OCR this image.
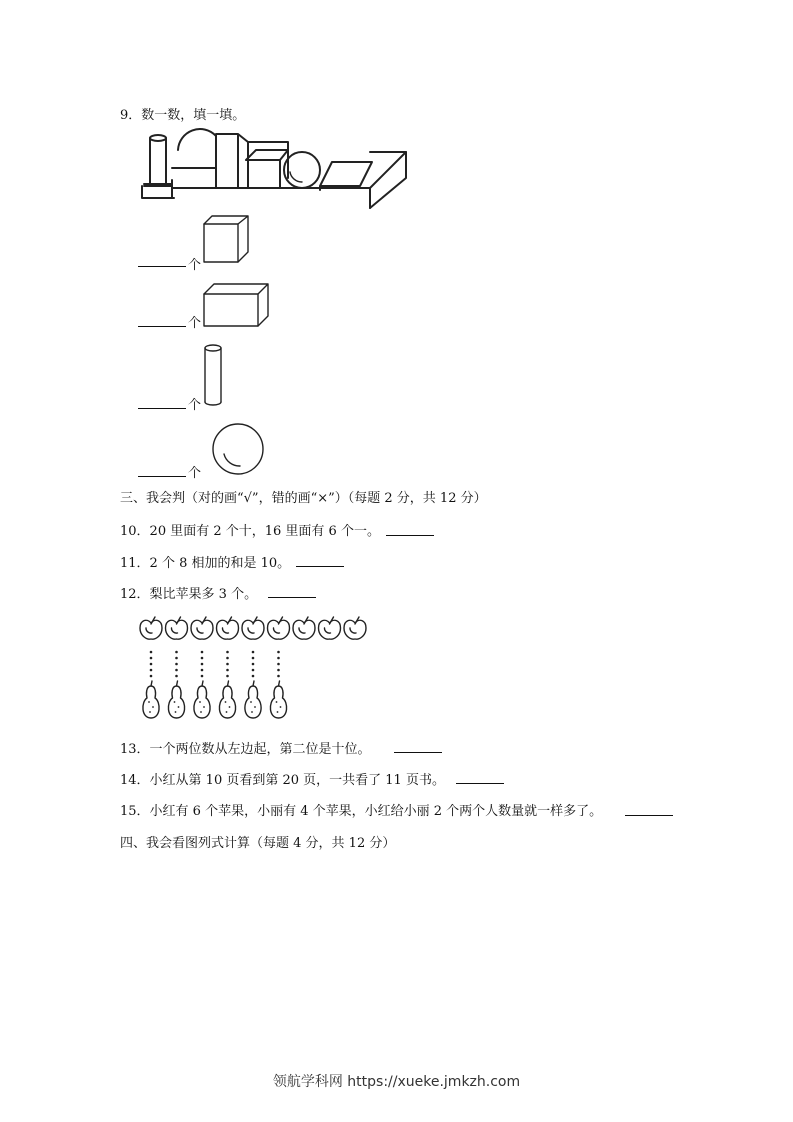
9．数一数，填一填。
个
个
个
个
三、我会判（对的画“√”，错的画“×”）（每题 2 分，共 12 分）
10．20 里面有 2 个十，16 里面有 6 个一。
11．2 个 8 相加的和是 10。
12．梨比苹果多 3 个。
13．一个两位数从左边起，第二位是十位。
14．小红从第 10 页看到第 20 页，一共看了 11 页书。
15．小红有 6 个苹果，小丽有 4 个苹果，小红给小丽 2 个两个人数量就一样多了。
四、我会看图列式计算（每题 4 分，共 12 分）
领航学科网 https://xueke.jmkzh.com
